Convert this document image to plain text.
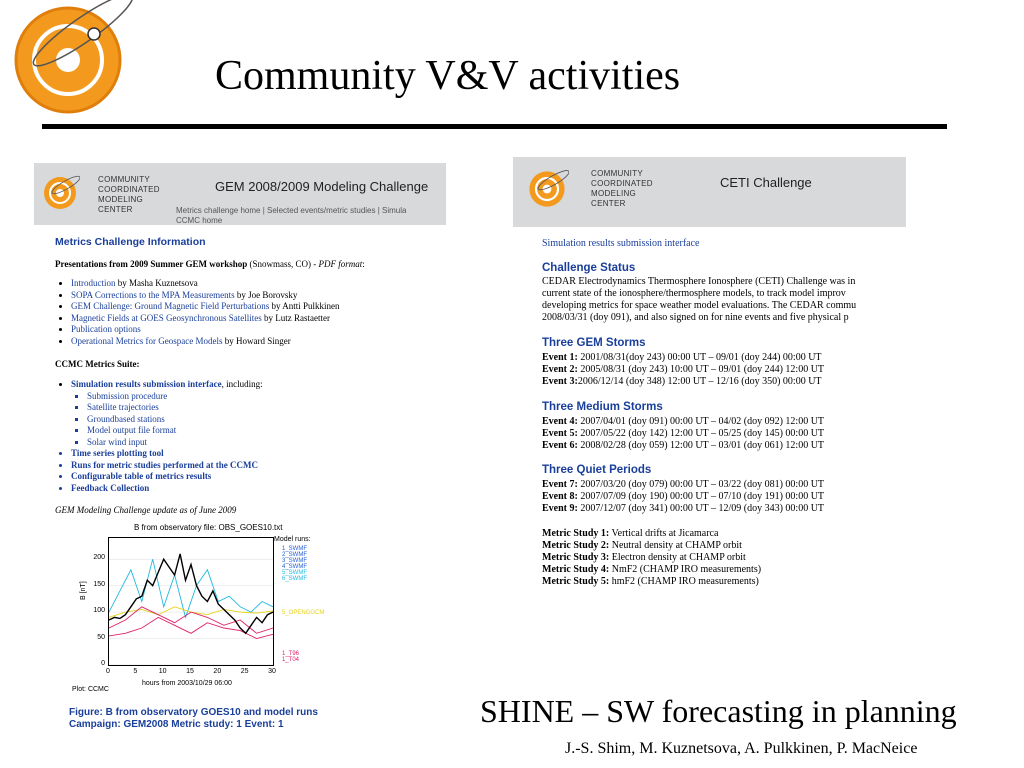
Community V&V activities
COMMUNITY
COORDINATED
MODELING
CENTER
GEM 2008/2009 Modeling Challenge
Metrics challenge home | Selected events/metric studies | Simula
CCMC home
Metrics Challenge Information
Presentations from 2009 Summer GEM workshop (Snowmass, CO) - PDF format:
• Introduction by Masha Kuznetsova
• SOPA Corrections to the MPA Measurements by Joe Borovsky
• GEM Challenge: Ground Magnetic Field Perturbations by Antti Pulkkinen
• Magnetic Fields at GOES Geosynchronous Satellites by Lutz Rastaetter
• Publication options
• Operational Metrics for Geospace Models by Howard Singer
CCMC Metrics Suite:
• Simulation results submission interface, including:
▪ Submission procedure
▪ Satellite trajectories
▪ Groundbased stations
▪ Model output file format
▪ Solar wind input
• Time series plotting tool
• Runs for metric studies performed at the CCMC
• Configurable table of metrics results
• Feedback Collection
GEM Modeling Challenge update as of June 2009
B from observatory file: OBS_GOES10.txt
B [nT]
hours from 2003/10/29 06:00
Plot: CCMC
0
50
100
150
200
0	5	10	15	20	25	30
Model runs:
1_SWMF
2_SWMF
3_SWMF
4_SWMF
5_SWMF
6_SWMF
5_OPENGGCM
1_T96
1_T04
Figure: B from observatory GOES10 and model runs
Campaign: GEM2008 Metric study: 1 Event: 1
COMMUNITY
COORDINATED
MODELING
CENTER
CETI Challenge
Simulation results submission interface
Challenge Status
CEDAR Electrodynamics Thermosphere Ionosphere (CETI) Challenge was in
current state of the ionosphere/thermosphere models, to track model improv
developing metrics for space weather model evaluations. The CEDAR commu
2008/03/31 (doy 091), and also signed on for nine events and five physical p
Three GEM Storms
Event 1: 2001/08/31(doy 243) 00:00 UT – 09/01 (doy 244) 00:00 UT
Event 2: 2005/08/31 (doy 243) 10:00 UT – 09/01 (doy 244) 12:00 UT
Event 3:2006/12/14 (doy 348) 12:00 UT – 12/16 (doy 350) 00:00 UT
Three Medium Storms
Event 4: 2007/04/01 (doy 091) 00:00 UT – 04/02 (doy 092) 12:00 UT
Event 5: 2007/05/22 (doy 142) 12:00 UT – 05/25 (doy 145) 00:00 UT
Event 6: 2008/02/28 (doy 059) 12:00 UT – 03/01 (doy 061) 12:00 UT
Three Quiet Periods
Event 7: 2007/03/20 (doy 079) 00:00 UT – 03/22 (doy 081) 00:00 UT
Event 8: 2007/07/09 (doy 190) 00:00 UT – 07/10 (doy 191) 00:00 UT
Event 9: 2007/12/07 (doy 341) 00:00 UT – 12/09 (doy 343) 00:00 UT
Metric Study 1: Vertical drifts at Jicamarca
Metric Study 2: Neutral density at CHAMP orbit
Metric Study 3: Electron density at CHAMP orbit
Metric Study 4: NmF2 (CHAMP IRO measurements)
Metric Study 5: hmF2 (CHAMP IRO measurements)
SHINE – SW forecasting in planning
J.-S. Shim, M. Kuznetsova, A. Pulkkinen, P. MacNeice
